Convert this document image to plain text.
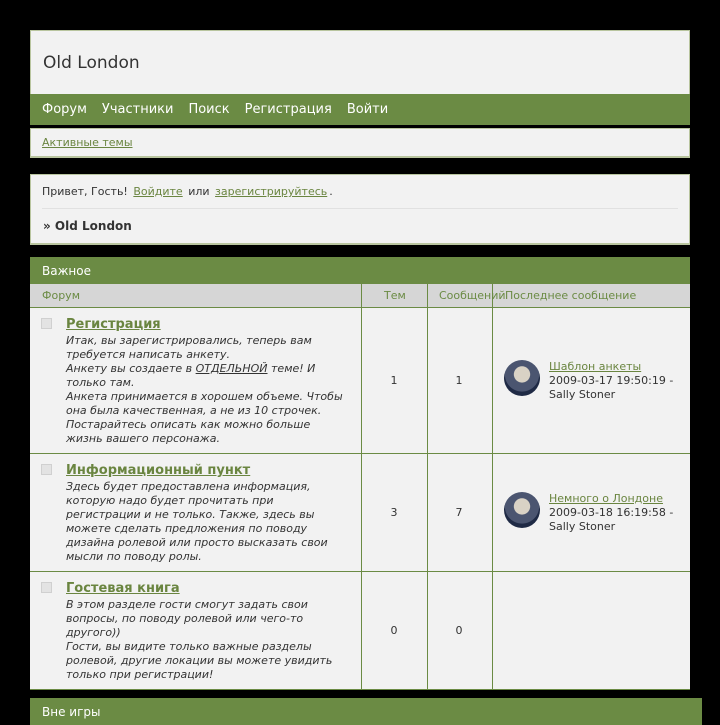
Old London
Форум Участники Поиск Регистрация Войти
Активные темы
Привет, Гость! Войдите или зарегистрируйтесь .
» Old London
Важное
Форум	Тем	Сообщений Последнее сообщение
Регистрация
Итак, вы зарегистрировались, теперь вам
требуется написать анкету.
Анкету вы создаете в ОТДЕЛЬНОЙ теме! И
только там.
Анкета принимается в хорошем объеме. Чтобы
она была качественная, а не из 10 строчек.
Постарайтесь описать как можно больше
жизнь вашего персонажа.
1	1
Шаблон анкеты
2009-03-17 19:50:19 -
Sally Stoner
Информационный пункт
Здесь будет предоставлена информация,
которую надо будет прочитать при
регистрации и не только. Также, здесь вы
можете сделать предложения по поводу
дизайна ролевой или просто высказать свои
мысли по поводу ролы.
3	7
Немного о Лондоне
2009-03-18 16:19:58 -
Sally Stoner
Гостевая книга
В этом разделе гости смогут задать свои
вопросы, по поводу ролевой или чего-то
другого))
Гости, вы видите только важные разделы
ролевой, другие локации вы можете увидить
только при регистрации!
0	0
Вне игры
